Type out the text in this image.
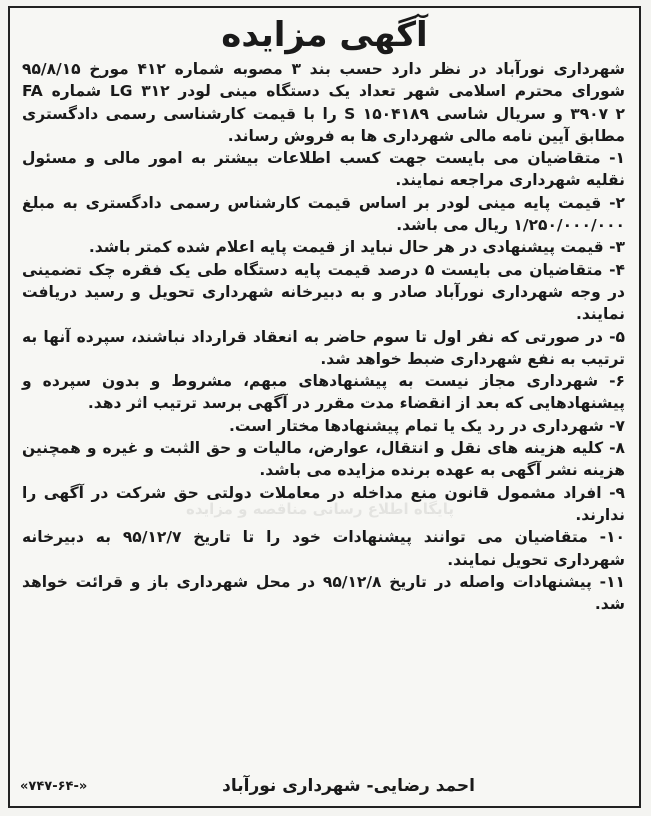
آگهی مزایده

شهرداری نورآباد در نظر دارد حسب بند ۳ مصوبه شماره ۴۱۲ مورخ ۹۵/۸/۱۵ شورای محترم اسلامی شهر تعداد یک دستگاه مینی لودر LG ۳۱۲ شماره FA ۳۹۰۷ ۲ و سریال شاسی S ۱۵۰۴۱۸۹ را با قیمت کارشناسی رسمی دادگستری مطابق آیین نامه مالی شهرداری ها به فروش رساند.

۱- متقاضیان می بایست جهت کسب اطلاعات بیشتر به امور مالی و مسئول نقلیه شهرداری مراجعه نمایند.

۲- قیمت پایه مینی لودر بر اساس قیمت کارشناس رسمی دادگستری به مبلغ ۱/۲۵۰/۰۰۰/۰۰۰ ریال می باشد.

۳- قیمت پیشنهادی در هر حال نباید از قیمت پایه اعلام شده کمتر باشد.

۴- متقاضیان می بایست ۵ درصد قیمت پایه دستگاه طی یک فقره چک تضمینی در وجه شهرداری نورآباد صادر و به دبیرخانه شهرداری تحویل و رسید دریافت نمایند.

۵- در صورتی که نفر اول تا سوم حاضر به انعقاد قرارداد نباشند، سپرده آنها به ترتیب به نفع شهرداری ضبط خواهد شد.

۶- شهرداری مجاز نیست به پیشنهادهای مبهم، مشروط و بدون سپرده و پیشنهادهایی که بعد از انقضاء مدت مقرر در آگهی برسد ترتیب اثر دهد.

۷- شهرداری در رد یک یا تمام پیشنهادها مختار است.

۸- کلیه هزینه های نقل و انتقال، عوارض، مالیات و حق الثبت و غیره و همچنین هزینه نشر آگهی به عهده برنده مزایده می باشد.

۹- افراد مشمول قانون منع مداخله در معاملات دولتی حق شرکت در آگهی را ندارند.

۱۰- متقاضیان می توانند پیشنهادات خود را تا تاریخ ۹۵/۱۲/۷ به دبیرخانه شهرداری تحویل نمایند.

۱۱- پیشنهادات واصله در تاریخ ۹۵/۱۲/۸ در محل شهرداری باز و قرائت خواهد شد.

احمد رضایی- شهرداری نورآباد
«۷۴۷-۶۴-»
